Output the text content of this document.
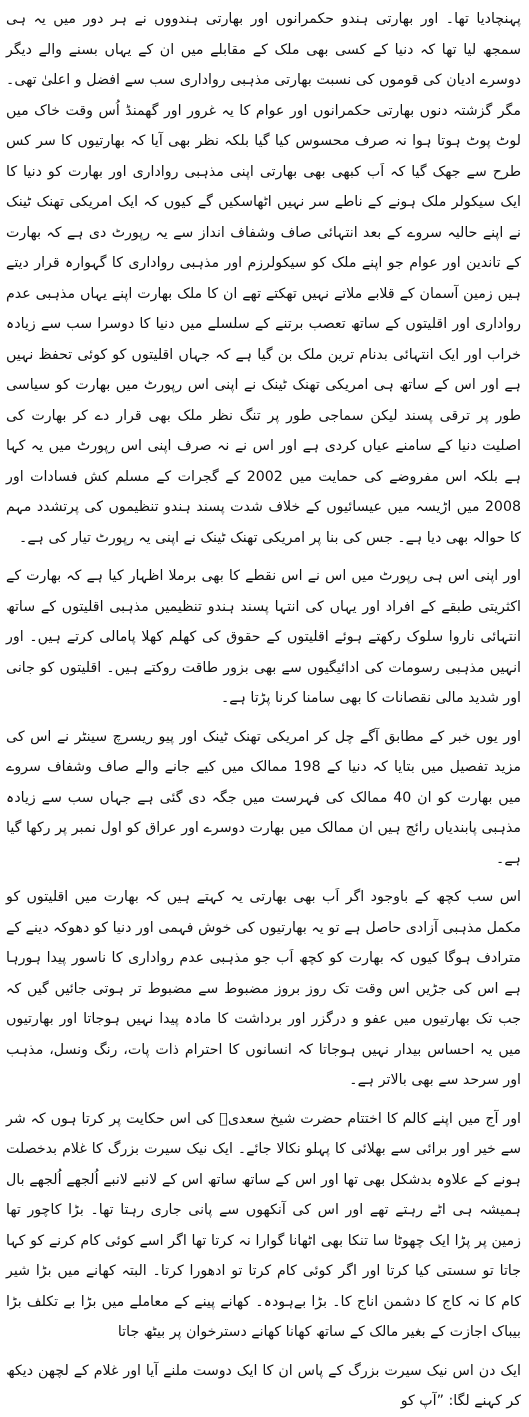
پہنچادیا تھا۔ اور بھارتی ہندو حکمرانوں اور بھارتی ہندووں نے ہر دور میں یہ ہی سمجھ لیا تھا کہ دنیا کے کسی بھی ملک کے مقابلے میں ان کے یہاں بسنے والے دیگر دوسرے ادیان کی قوموں کی نسبت بھارتی مذہبی رواداری سب سے افضل و اعلیٰ تھی۔ مگر گزشتہ دنوں بھارتی حکمرانوں اور عوام کا یہ غرور اور گھمنڈ اُس وقت خاک میں لوٹ پوٹ ہوتا ہوا نہ صرف محسوس کیا گیا بلکہ نظر بھی آیا کہ بھارتیوں کا سر کس طرح سے جھک گیا کہ اَب کبھی بھی بھارتی اپنی مذہبی رواداری اور بھارت کو دنیا کا ایک سیکولر ملک ہونے کے ناطے سر نہیں اٹھاسکیں گے کیوں کہ ایک امریکی تھنک ٹینک نے اپنے حالیہ سروے کے بعد انتہائی صاف وشفاف انداز سے یہ رپورٹ دی ہے کہ بھارت کے تاندین اور عوام جو اپنے ملک کو سیکولرزم اور مذہبی رواداری کا گہوارہ قرار دیتے ہیں زمین آسمان کے قلابے ملاتے نہیں تھکتے تھے ان کا ملک بھارت اپنے یہاں مذہبی عدم رواداری اور اقلیتوں کے ساتھ تعصب برتنے کے سلسلے میں دنیا کا دوسرا سب سے زیادہ خراب اور ایک انتہائی بدنام ترین ملک بن گیا ہے کہ جہاں اقلیتوں کو کوئی تحفظ نہیں ہے اور اس کے ساتھ ہی امریکی تھنک ٹینک نے اپنی اس رپورٹ میں بھارت کو سیاسی طور پر ترقی پسند لیکن سماجی طور پر تنگ نظر ملک بھی قرار دے کر بھارت کی اصلیت دنیا کے سامنے عیاں کردی ہے اور اس نے نہ صرف اپنی اس رپورٹ میں یہ کہا ہے بلکہ اس مفروضے کی حمایت میں 2002 کے گجرات کے مسلم کش فسادات اور 2008 میں اڑیسہ میں عیسائیوں کے خلاف شدت پسند ہندو تنظیموں کی پرتشدد مہم کا حوالہ بھی دیا ہے۔ جس کی بنا پر امریکی تھنک ٹینک نے اپنی یہ رپورٹ تیار کی ہے۔

اور اپنی اس ہی رپورٹ میں اس نے اس نقطے کا بھی برملا اظہار کیا ہے کہ بھارت کے اکثریتی طبقے کے افراد اور یہاں کی انتہا پسند ہندو تنظیمیں مذہبی اقلیتوں کے ساتھ انتہائی ناروا سلوک رکھتے ہوئے اقلیتوں کے حقوق کی کھلم کھلا پامالی کرتے ہیں۔ اور انہیں مذہبی رسومات کی ادائیگیوں سے بھی بزور طاقت روکتے ہیں۔ اقلیتوں کو جانی اور شدید مالی نقصانات کا بھی سامنا کرنا پڑتا ہے۔

اور یوں خبر کے مطابق آگے چل کر امریکی تھنک ٹینک اور پیو ریسرچ سینٹر نے اس کی مزید تفصیل میں بتایا کہ دنیا کے 198 ممالک میں کیے جانے والے صاف وشفاف سروے میں بھارت کو ان 40 ممالک کی فہرست میں جگہ دی گئی ہے جہاں سب سے زیادہ مذہبی پابندیاں رائج ہیں ان ممالک میں بھارت دوسرے اور عراق کو اول نمبر پر رکھا گیا ہے۔

اس سب کچھ کے باوجود اگر اَب بھی بھارتی یہ کہتے ہیں کہ بھارت میں اقلیتوں کو مکمل مذہبی آزادی حاصل ہے تو یہ بھارتیوں کی خوش فہمی اور دنیا کو دھوکہ دینے کے مترادف ہوگا کیوں کہ بھارت کو کچھ اَب جو مذہبی عدم رواداری کا ناسور پیدا ہورہا ہے اس کی جڑیں اس وقت تک روز بروز مضبوط سے مضبوط تر ہوتی جائیں گیں کہ جب تک بھارتیوں میں عفو و درگزر اور برداشت کا مادہ پیدا نہیں ہوجاتا اور بھارتیوں میں یہ احساس بیدار نہیں ہوجاتا کہ انسانوں کا احترام ذات پات، رنگ ونسل، مذہب اور سرحد سے بھی بالاتر ہے۔

اور آج میں اپنے کالم کا اختتام حضرت شیخ سعدیؒ کی اس حکایت پر کرتا ہوں کہ شر سے خیر اور برائی سے بھلائی کا پہلو نکالا جائے۔ ایک نیک سیرت بزرگ کا غلام بدخصلت ہونے کے علاوہ بدشکل بھی تھا اور اس کے ساتھ ساتھ اس کے لانبے لانبے اُلجھے اُلجھے بال ہمیشہ ہی اٹے رہتے تھے اور اس کی آنکھوں سے پانی جاری رہتا تھا۔ بڑا کاچور تھا زمین پر پڑا ایک چھوٹا سا تنکا بھی اٹھانا گوارا نہ کرتا تھا اگر اسے کوئی کام کرنے کو کہا جاتا تو سستی کیا کرتا اور اگر کوئی کام کرتا تو ادھورا کرتا۔ البتہ کھانے میں بڑا شیر کام کا نہ کاج کا دشمن اناج کا۔ بڑا بےہودہ۔ کھانے پینے کے معاملے میں بڑا بے تکلف بڑا بیباک اجازت کے بغیر مالک کے ساتھ کھانا کھانے دسترخوان پر بیٹھ جاتا

ایک دن اس نیک سیرت بزرگ کے پاس ان کا ایک دوست ملنے آیا اور غلام کے لچھن دیکھ کر کہنے لگا: ”آپ کو
